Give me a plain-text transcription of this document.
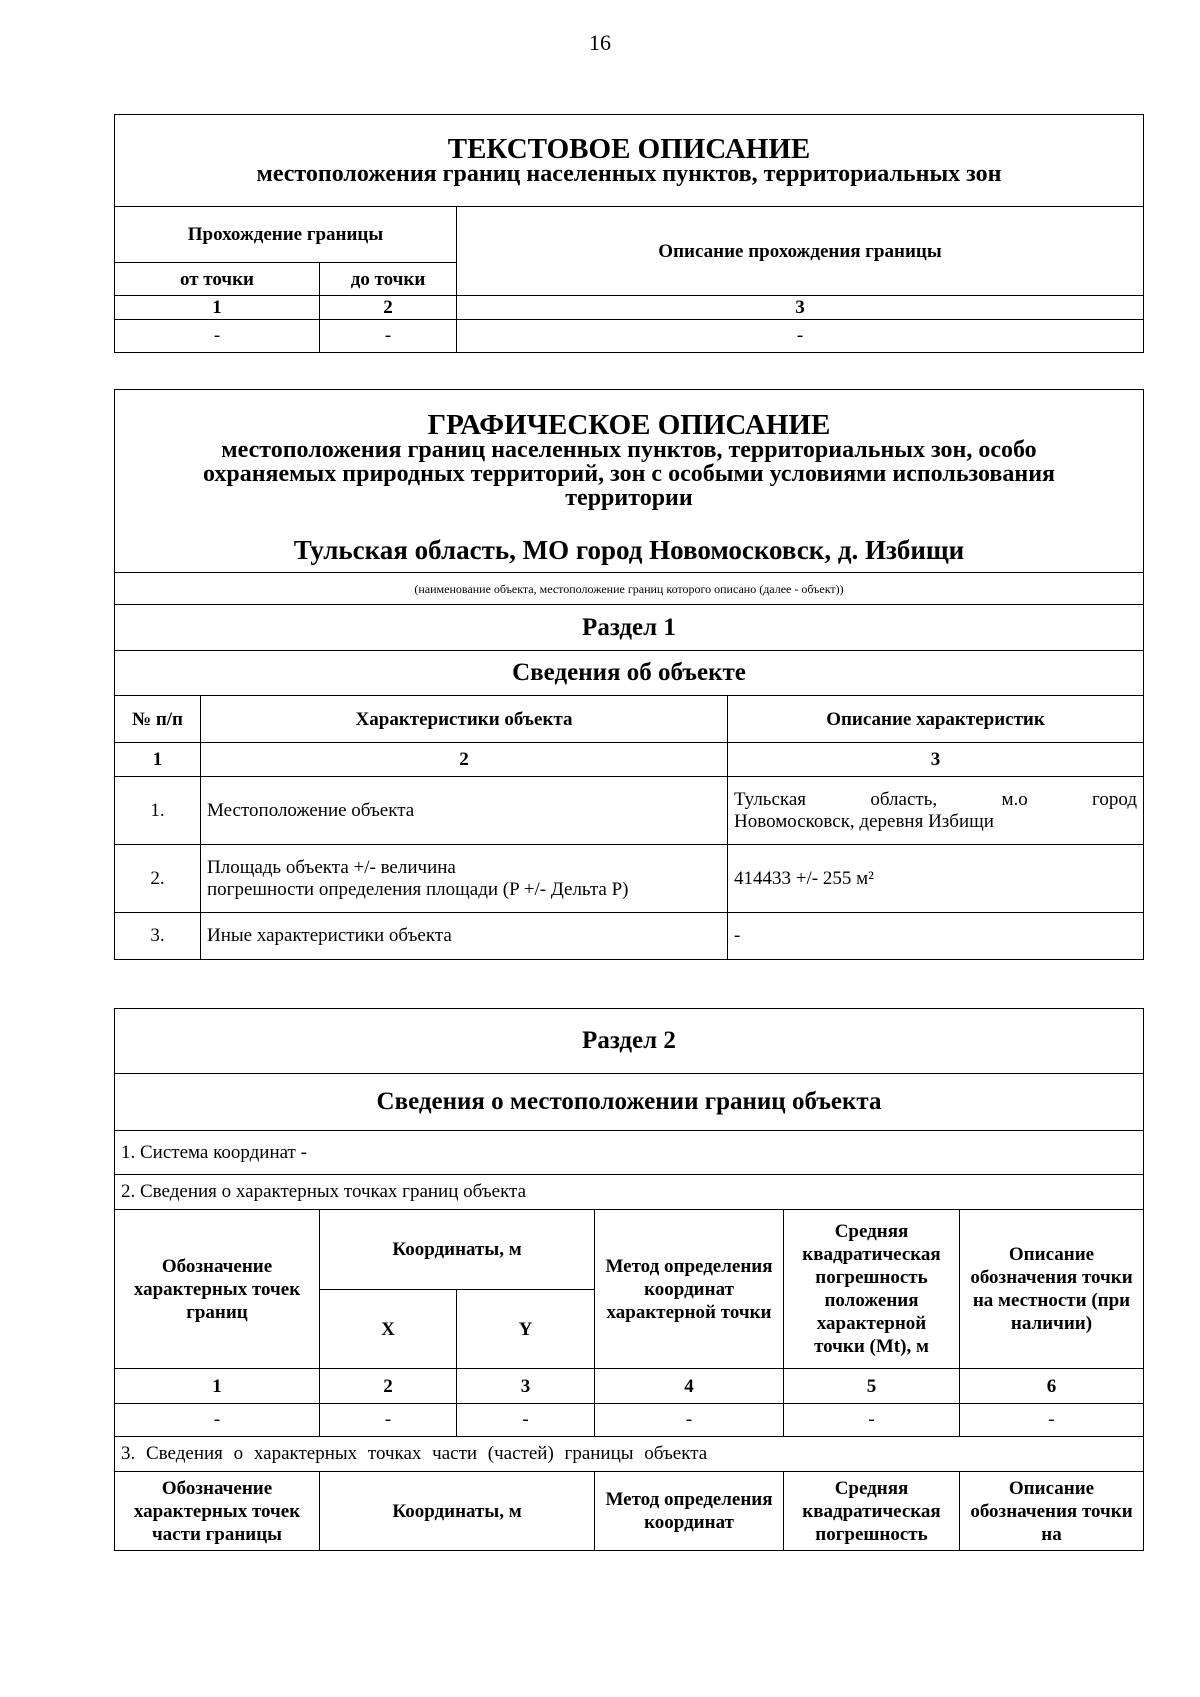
16
ТЕКСТОВОЕ ОПИСАНИЕ
местоположения границ населенных пунктов, территориальных зон		

Прохождение границы		Описание прохождения границы
от точки	до точки	
1	2	3
-	-	-
ГРАФИЧЕСКОЕ ОПИСАНИЕ
местоположения границ населенных пунктов, территориальных зон, особо
охраняемых природных территорий, зон с особыми условиями использования
территории
Тульская область, МО город Новомосковск, д. Избищи		

(наименование объекта, местоположение границ которого описано (далее - объект))		
Раздел 1		
Сведения об объекте		
№ п/п	Характеристики объекта	Описание характеристик
1	2	3
1.	Местоположение объекта	Тульская область, м.о город
Новомосковск, деревня Избищи

2.	Площадь объекта +/- величина
погрешности определения площади (P +/- Дельта P)	414433 +/- 255 м²
3.	Иные характеристики объекта	-
Раздел 2					
Сведения о местоположении границ объекта					
1. Система координат -					
2. Сведения о характерных точках границ объекта					
Обозначение характерных точек границ	Координаты, м		Метод определения координат характерной точки	Средняя квадратическая погрешность положения характерной точки (Mt), м	Описание обозначения точки на местности (при наличии)
	X	Y			
1	2	3	4	5	6
-	-	-	-	-	-
3. Сведения о характерных точках части (частей) границы объекта					
Обозначение характерных точек части границы	Координаты, м		Метод определения координат	Средняя квадратическая погрешность	Описание обозначения точки на
